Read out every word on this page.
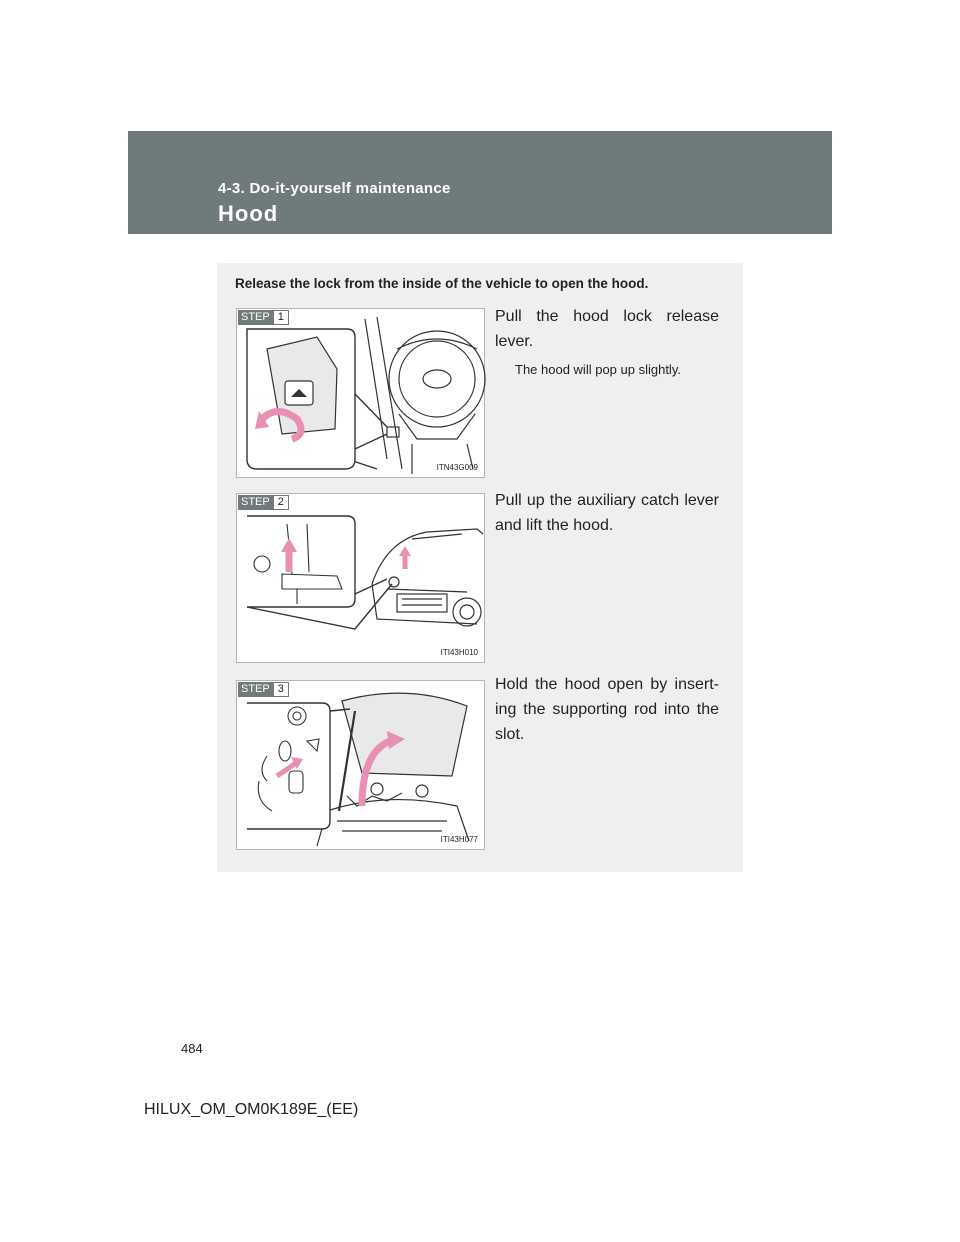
4-3. Do-it-yourself maintenance
Hood
Release the lock from the inside of the vehicle to open the hood.
STEP 1
ITN43G009
Pull the hood lock release lever.
The hood will pop up slightly.
STEP 2
ITI43H010
Pull up the auxiliary catch lever and lift the hood.
STEP 3
ITI43H077
Hold the hood open by insert-ing the supporting rod into the slot.
484
HILUX_OM_OM0K189E_(EE)
